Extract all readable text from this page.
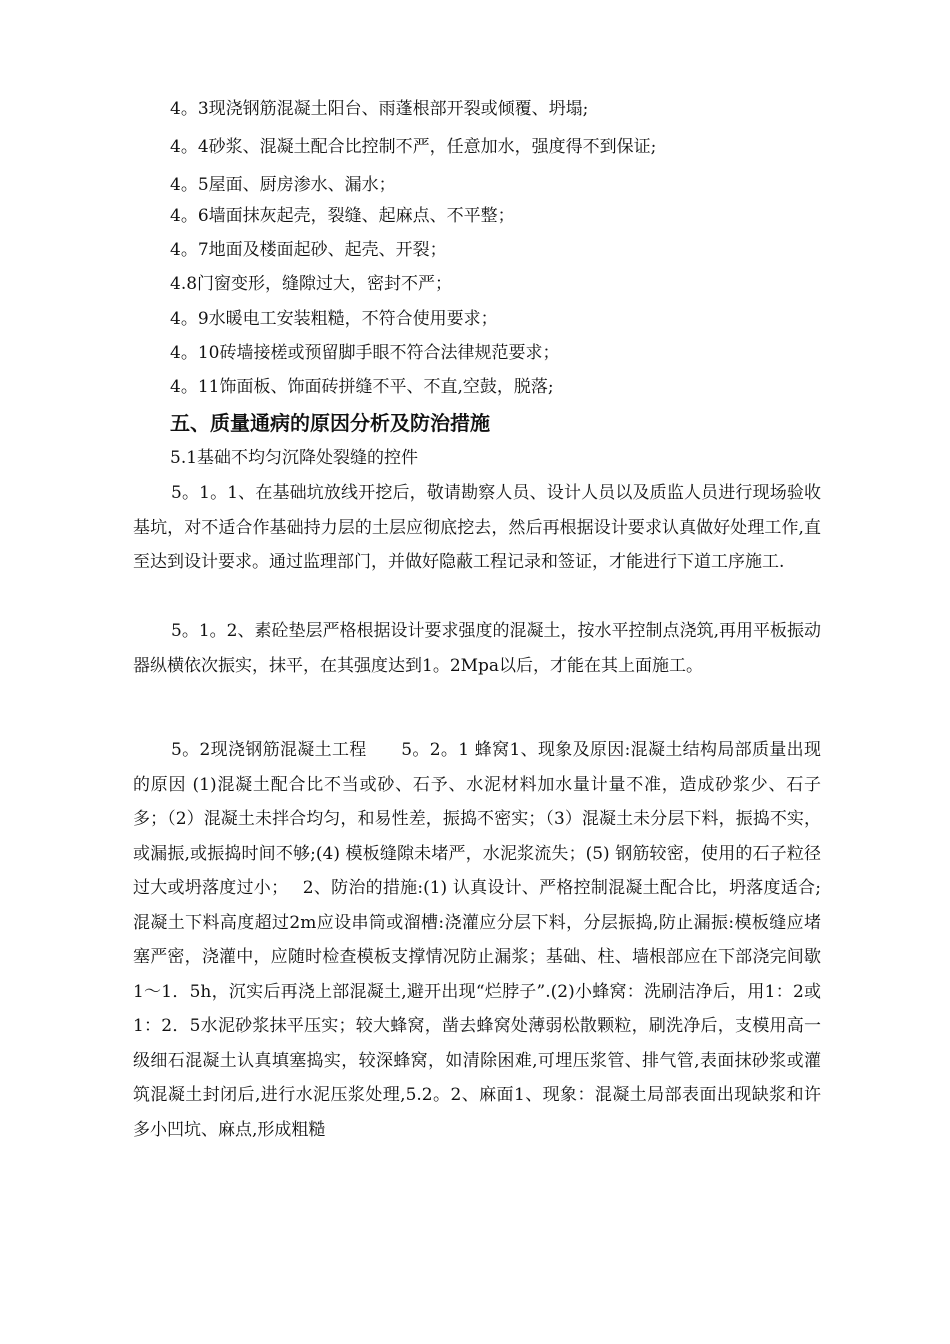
4。3现浇钢筋混凝土阳台、雨蓬根部开裂或倾覆、坍塌;
4。4砂浆、混凝土配合比控制不严，任意加水，强度得不到保证;
4。5屋面、厨房渗水、漏水；
4。6墙面抹灰起壳，裂缝、起麻点、不平整；
4。7地面及楼面起砂、起壳、开裂；
4.8门窗变形，缝隙过大，密封不严；
4。9水暖电工安装粗糙，不符合使用要求；
4。10砖墙接槎或预留脚手眼不符合法律规范要求；
4。11饰面板、饰面砖拼缝不平、不直,空鼓，脱落;
五、质量通病的原因分析及防治措施
5.1基础不均匀沉降处裂缝的控件

5。1。1、在基础坑放线开挖后，敬请勘察人员、设计人员以及质监人员进行现场验收基坑，对不适合作基础持力层的土层应彻底挖去，然后再根据设计要求认真做好处理工作,直至达到设计要求。通过监理部门，并做好隐蔽工程记录和签证，才能进行下道工序施工.

5。1。2、素砼垫层严格根据设计要求强度的混凝土，按水平控制点浇筑,再用平板振动器纵横依次振实，抹平，在其强度达到1。2Mpa以后，才能在其上面施工。

5。2现浇钢筋混凝土工程　　5。2。1 蜂窝1、现象及原因:混凝土结构局部质量出现的原因 (1)混凝土配合比不当或砂、石予、水泥材料加水量计量不准，造成砂浆少、石子多；（2）混凝土未拌合均匀，和易性差，振捣不密实；（3）混凝土未分层下料，振捣不实，或漏振,或振捣时间不够;(4) 模板缝隙未堵严，水泥浆流失；(5) 钢筋较密，使用的石子粒径过大或坍落度过小；　 2、防治的措施:(1) 认真设计、严格控制混凝土配合比，坍落度适合;混凝土下料高度超过2m应设串筒或溜槽:浇灌应分层下料，分层振捣,防止漏振:模板缝应堵塞严密，浇灌中，应随时检查模板支撑情况防止漏浆；基础、柱、墙根部应在下部浇完间歇1～1．5h，沉实后再浇上部混凝土,避开出现“烂脖子”.(2)小蜂窝：洗刷洁净后，用1：2或1：2．5水泥砂浆抹平压实；较大蜂窝，凿去蜂窝处薄弱松散颗粒，刷洗净后，支模用高一级细石混凝土认真填塞捣实，较深蜂窝，如清除困难,可埋压浆管、排气管,表面抹砂浆或灌筑混凝土封闭后,进行水泥压浆处理,5.2。2、麻面1、现象：混凝土局部表面出现缺浆和许多小凹坑、麻点,形成粗糙
